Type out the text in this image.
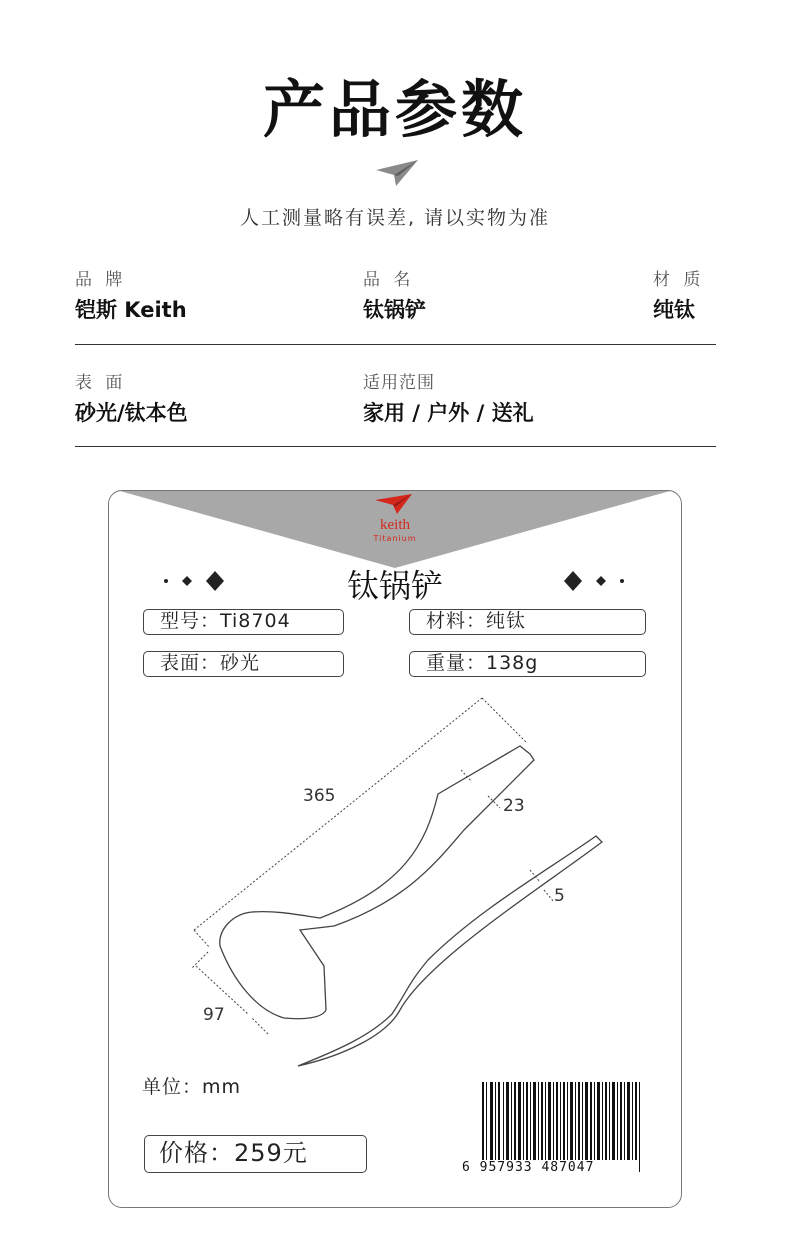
产品参数
人工测量略有误差, 请以实物为准
品 牌
铠斯 Keith
品 名
钛锅铲
材 质
纯钛
表 面
砂光/钛本色
适用范围
家用 / 户外 / 送礼
keith
Titanium
钛锅铲
型号：Ti8704	材料：纯钛
表面：砂光	重量：138g
365	23
97
5
单位：mm
价格：259元
6 957933 487047
